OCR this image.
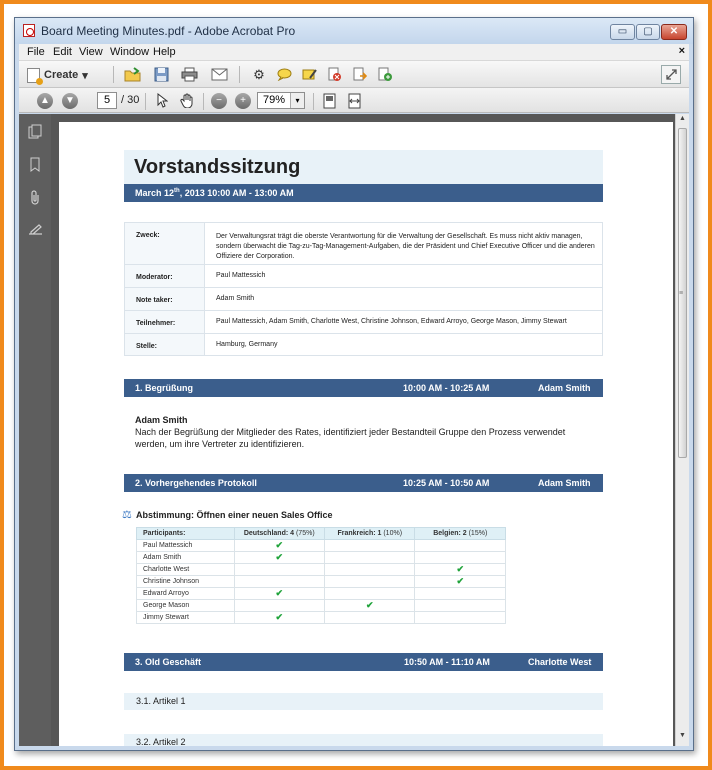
Board Meeting Minutes.pdf - Adobe Acrobat Pro	▭	▢	✕
File Edit View Window Help	×
Create ▾	⚙
▲	▼	5 / 30	−	+	79%	▾
Vorstandssitzung
March 12th, 2013 10:00 AM - 13:00 AM
Zweck:	Der Verwaltungsrat trägt die oberste Verantwortung für die Verwaltung der Gesellschaft. Es muss nicht aktiv managen, sondern überwacht die Tag-zu-Tag-Management-Aufgaben, die der Präsident und Chief Executive Officer und die anderen Offiziere der Corporation.
Moderator:	Paul Mattessich
Note taker:	Adam Smith
Teilnehmer:	Paul Mattessich, Adam Smith, Charlotte West, Christine Johnson, Edward Arroyo, George Mason, Jimmy Stewart
Stelle:	Hamburg, Germany
1. Begrüßung	10:00 AM - 10:25 AM	Adam Smith
Adam Smith
Nach der Begrüßung der Mitglieder des Rates, identifiziert jeder Bestandteil Gruppe den Prozess verwendet
werden, um ihre Vertreter zu identifizieren.
2. Vorhergehendes Protokoll	10:25 AM - 10:50 AM	Adam Smith
⚖ Abstimmung: Öffnen einer neuen Sales Office
Participants:	Deutschland: 4 (75%)	Frankreich: 1 (10%)	Belgien: 2 (15%)
Paul Mattessich	✔		
Adam Smith	✔		
Charlotte West			✔
Christine Johnson			✔
Edward Arroyo	✔		
George Mason		✔	
Jimmy Stewart	✔		
3. Old Geschäft	10:50 AM - 11:10 AM	Charlotte West
3.1. Artikel 1
3.2. Artikel 2
▲
≡
▼
